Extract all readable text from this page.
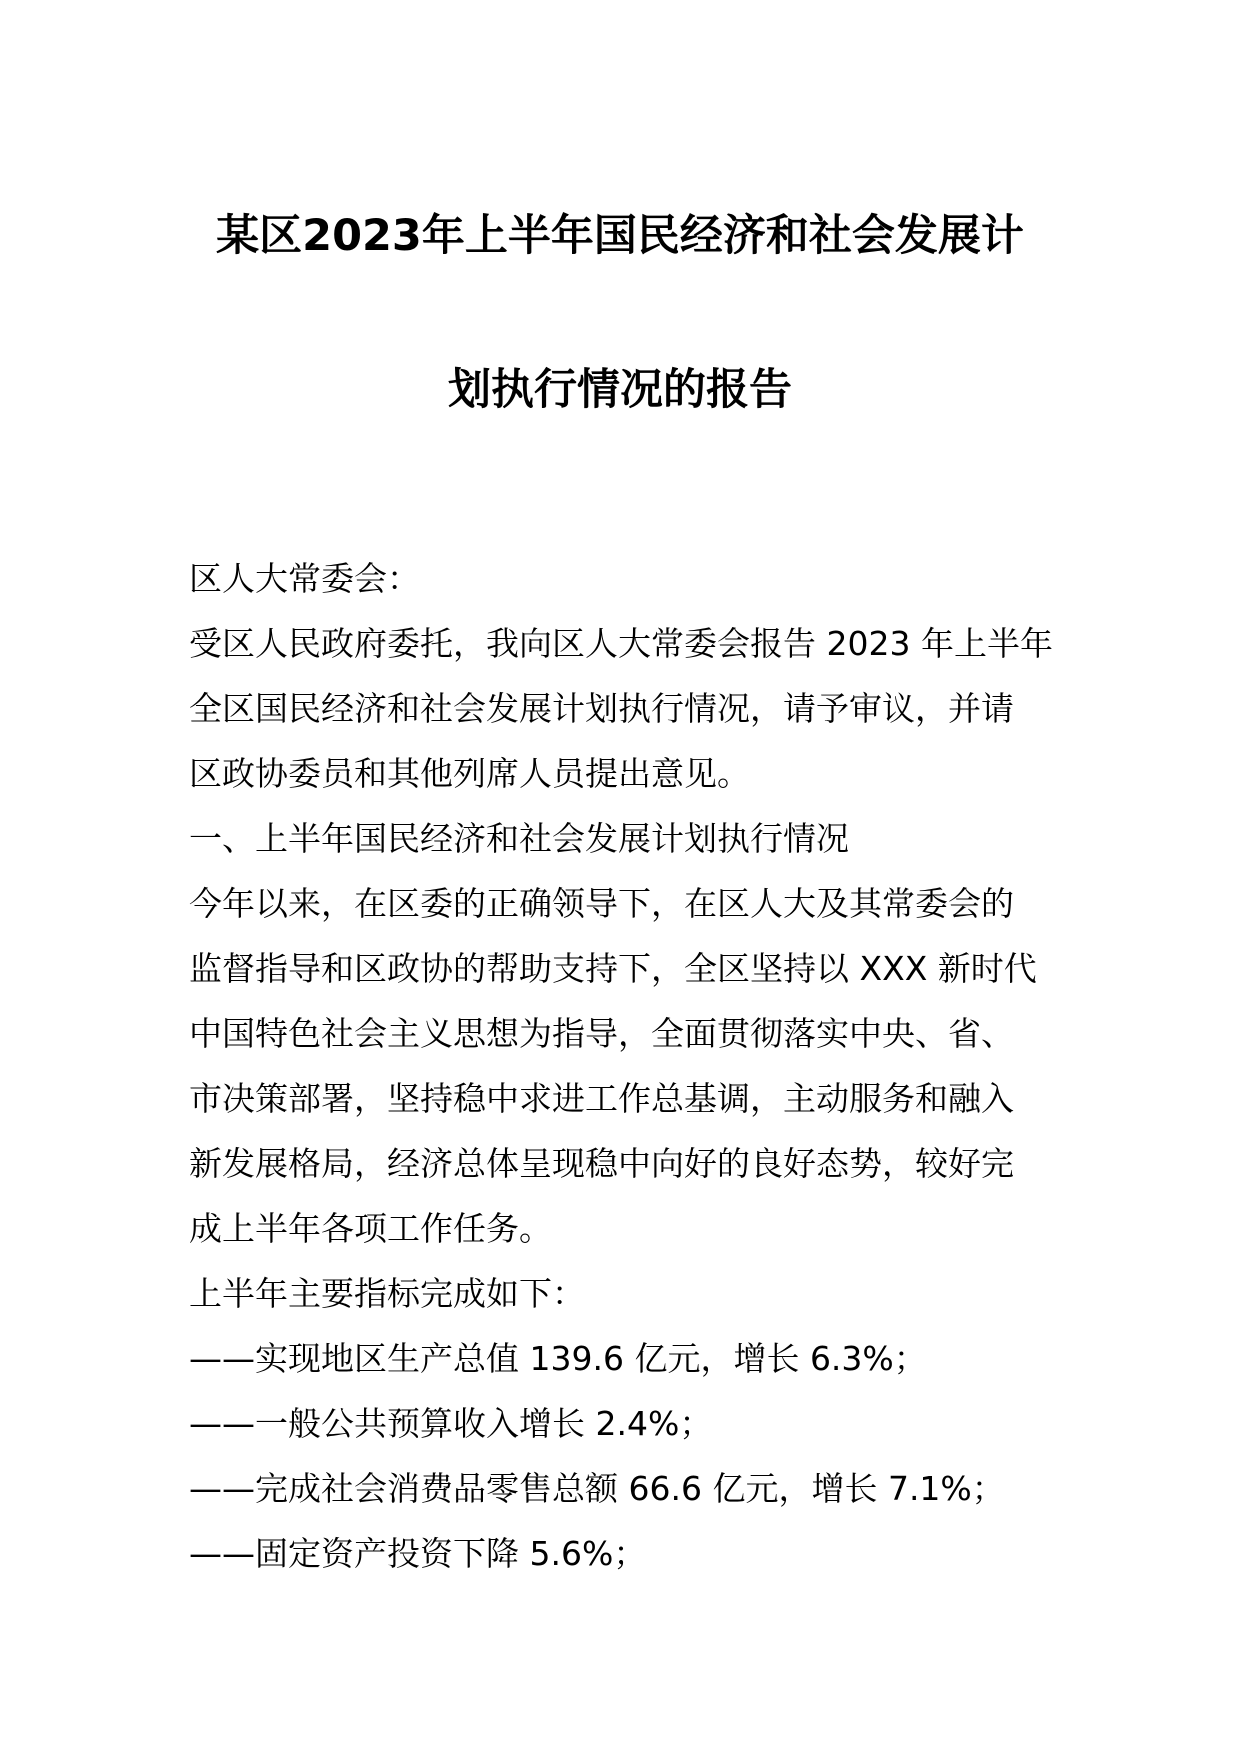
某区2023年上半年国民经济和社会发展计
划执行情况的报告
区人大常委会：
受区人民政府委托，我向区人大常委会报告 2023 年上半年
全区国民经济和社会发展计划执行情况，请予审议，并请
区政协委员和其他列席人员提出意见。
一、上半年国民经济和社会发展计划执行情况
今年以来，在区委的正确领导下，在区人大及其常委会的
监督指导和区政协的帮助支持下，全区坚持以 XXX 新时代
中国特色社会主义思想为指导，全面贯彻落实中央、省、
市决策部署，坚持稳中求进工作总基调，主动服务和融入
新发展格局，经济总体呈现稳中向好的良好态势，较好完
成上半年各项工作任务。
上半年主要指标完成如下：
——实现地区生产总值 139.6 亿元，增长 6.3%；
——一般公共预算收入增长 2.4%；
——完成社会消费品零售总额 66.6 亿元，增长 7.1%；
——固定资产投资下降 5.6%；
